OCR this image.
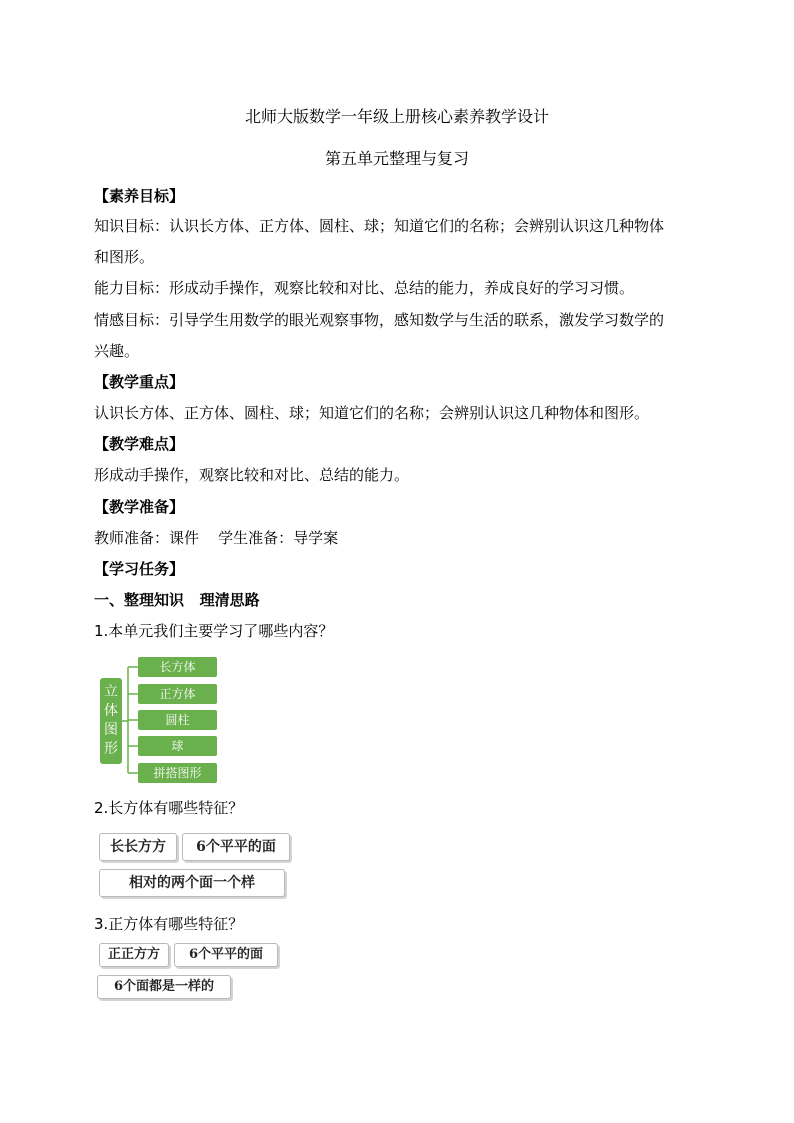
北师大版数学一年级上册核心素养教学设计
第五单元整理与复习
【素养目标】
知识目标：认识长方体、正方体、圆柱、球；知道它们的名称；会辨别认识这几种物体
和图形。
能力目标：形成动手操作，观察比较和对比、总结的能力，养成良好的学习习惯。
情感目标：引导学生用数学的眼光观察事物，感知数学与生活的联系，激发学习数学的
兴趣。
【教学重点】
认识长方体、正方体、圆柱、球；知道它们的名称；会辨别认识这几种物体和图形。
【教学难点】
形成动手操作，观察比较和对比、总结的能力。
【教学准备】
教师准备：课件    学生准备：导学案
【学习任务】
一、整理知识   理清思路
1.本单元我们主要学习了哪些内容？
立
体
图
形
长方体
正方体
圆柱
球
拼搭图形
2.长方体有哪些特征？
长长方方	6个平平的面
相对的两个面一个样
3.正方体有哪些特征？
正正方方	6个平平的面
6个面都是一样的
